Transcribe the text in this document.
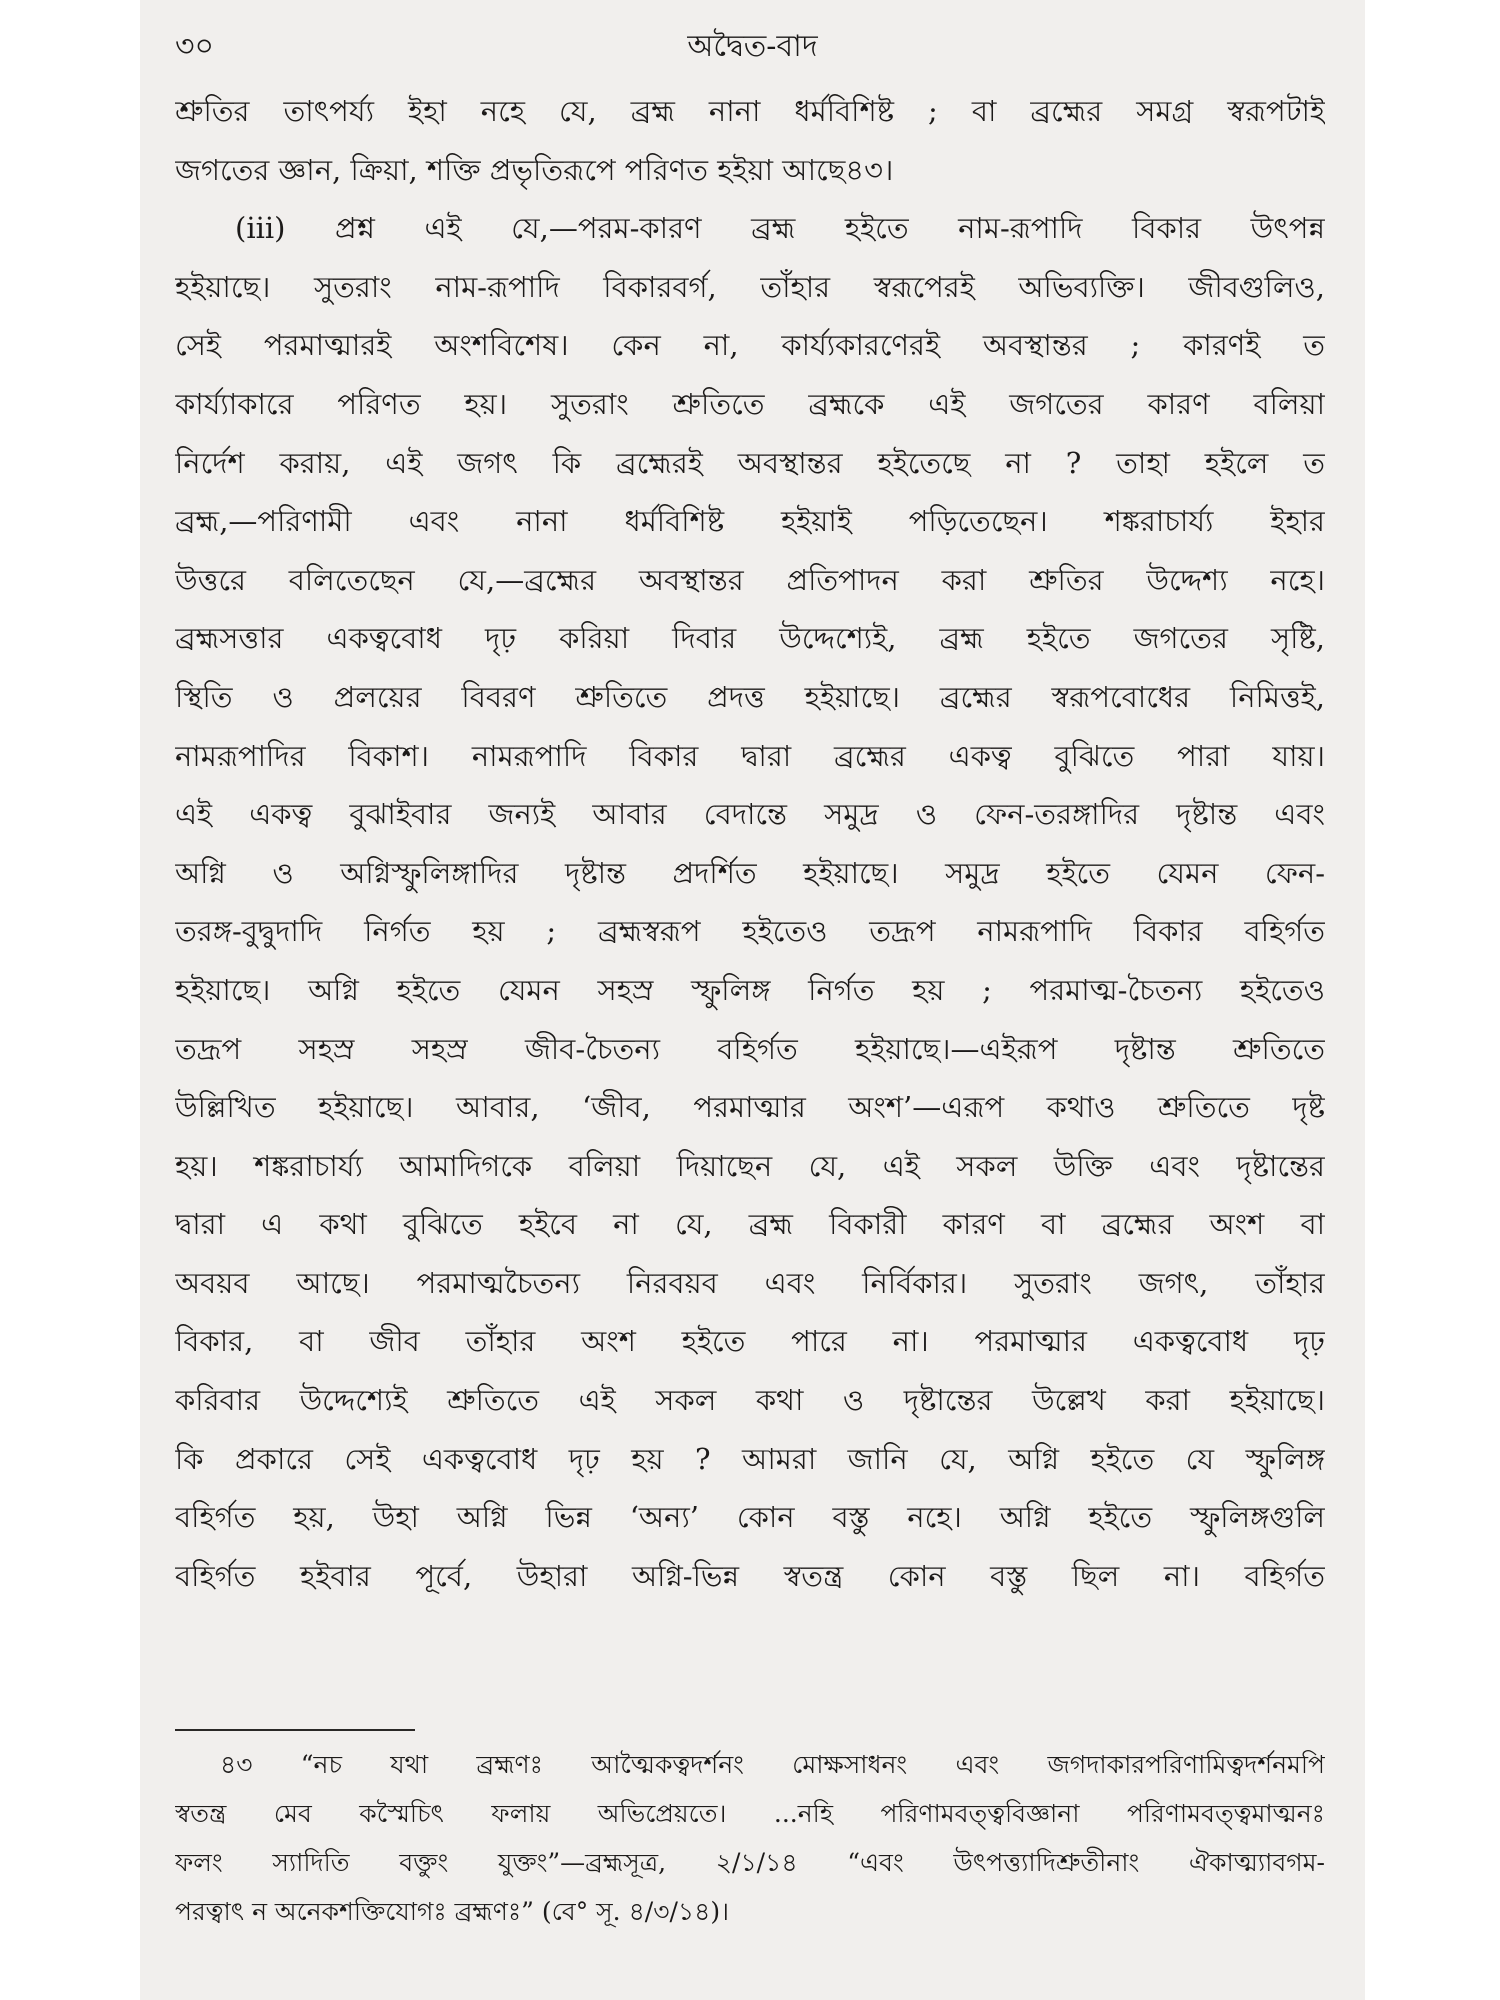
৩০	অদ্বৈত-বাদ
শ্রুতির তাৎপর্য্য ইহা নহে যে, ব্রহ্ম নানা ধর্মবিশিষ্ট ; বা ব্রহ্মের সমগ্র স্বরূপটাই
জগতের জ্ঞান, ক্রিয়া, শক্তি প্রভৃতিরূপে পরিণত হইয়া আছে৪৩।
(iii) প্রশ্ন এই যে,—পরম-কারণ ব্রহ্ম হইতে নাম-রূপাদি বিকার উৎপন্ন
হইয়াছে। সুতরাং নাম-রূপাদি বিকারবর্গ, তাঁহার স্বরূপেরই অভিব্যক্তি। জীবগুলিও,
সেই পরমাত্মারই অংশবিশেষ। কেন না, কার্য্যকারণেরই অবস্থান্তর ; কারণই ত
কার্য্যাকারে পরিণত হয়। সুতরাং শ্রুতিতে ব্রহ্মকে এই জগতের কারণ বলিয়া
নির্দেশ করায়, এই জগৎ কি ব্রহ্মেরই অবস্থান্তর হইতেছে না ? তাহা হইলে ত
ব্রহ্ম,—পরিণামী এবং নানা ধর্মবিশিষ্ট হইয়াই পড়িতেছেন। শঙ্করাচার্য্য ইহার
উত্তরে বলিতেছেন যে,—ব্রহ্মের অবস্থান্তর প্রতিপাদন করা শ্রুতির উদ্দেশ্য নহে।
ব্রহ্মসত্তার একত্ববোধ দৃঢ় করিয়া দিবার উদ্দেশ্যেই, ব্রহ্ম হইতে জগতের সৃষ্টি,
স্থিতি ও প্রলয়ের বিবরণ শ্রুতিতে প্রদত্ত হইয়াছে। ব্রহ্মের স্বরূপবোধের নিমিত্তই,
নামরূপাদির বিকাশ। নামরূপাদি বিকার দ্বারা ব্রহ্মের একত্ব বুঝিতে পারা যায়।
এই একত্ব বুঝাইবার জন্যই আবার বেদান্তে সমুদ্র ও ফেন-তরঙ্গাদির দৃষ্টান্ত এবং
অগ্নি ও অগ্নিস্ফুলিঙ্গাদির দৃষ্টান্ত প্রদর্শিত হইয়াছে। সমুদ্র হইতে যেমন ফেন-
তরঙ্গ-বুদ্বুদাদি নির্গত হয় ; ব্রহ্মস্বরূপ হইতেও তদ্রূপ নামরূপাদি বিকার বহির্গত
হইয়াছে। অগ্নি হইতে যেমন সহস্র স্ফুলিঙ্গ নির্গত হয় ; পরমাত্ম-চৈতন্য হইতেও
তদ্রূপ সহস্র সহস্র জীব-চৈতন্য বহির্গত হইয়াছে।—এইরূপ দৃষ্টান্ত শ্রুতিতে
উল্লিখিত হইয়াছে। আবার, ‘জীব, পরমাত্মার অংশ’—এরূপ কথাও শ্রুতিতে দৃষ্ট
হয়। শঙ্করাচার্য্য আমাদিগকে বলিয়া দিয়াছেন যে, এই সকল উক্তি এবং দৃষ্টান্তের
দ্বারা এ কথা বুঝিতে হইবে না যে, ব্রহ্ম বিকারী কারণ বা ব্রহ্মের অংশ বা
অবয়ব আছে। পরমাত্মচৈতন্য নিরবয়ব এবং নির্বিকার। সুতরাং জগৎ, তাঁহার
বিকার, বা জীব তাঁহার অংশ হইতে পারে না। পরমাত্মার একত্ববোধ দৃঢ়
করিবার উদ্দেশ্যেই শ্রুতিতে এই সকল কথা ও দৃষ্টান্তের উল্লেখ করা হইয়াছে।
কি প্রকারে সেই একত্ববোধ দৃঢ় হয় ? আমরা জানি যে, অগ্নি হইতে যে স্ফুলিঙ্গ
বহির্গত হয়, উহা অগ্নি ভিন্ন ‘অন্য’ কোন বস্তু নহে। অগ্নি হইতে স্ফুলিঙ্গগুলি
বহির্গত হইবার পূর্বে, উহারা অগ্নি-ভিন্ন স্বতন্ত্র কোন বস্তু ছিল না। বহির্গত
৪৩ “নচ যথা ব্রহ্মণঃ আত্মৈকত্বদর্শনং মোক্ষসাধনং এবং জগদাকারপরিণামিত্বদর্শনমপি
স্বতন্ত্র মেব কস্মৈচিৎ ফলায় অভিপ্রেয়তে। ...নহি পরিণামবত্ত্ববিজ্ঞানা পরিণামবত্ত্বমাত্মনঃ
ফলং স্যাদিতি বক্তুং যুক্তং”—ব্রহ্মসূত্র, ২/১/১৪ “এবং উৎপত্ত্যাদিশ্রুতীনাং ঐকাত্ম্যাবগম-
পরত্বাৎ ন অনেকশক্তিযোগঃ ব্রহ্মণঃ” (বে° সূ. ৪/৩/১৪)।
